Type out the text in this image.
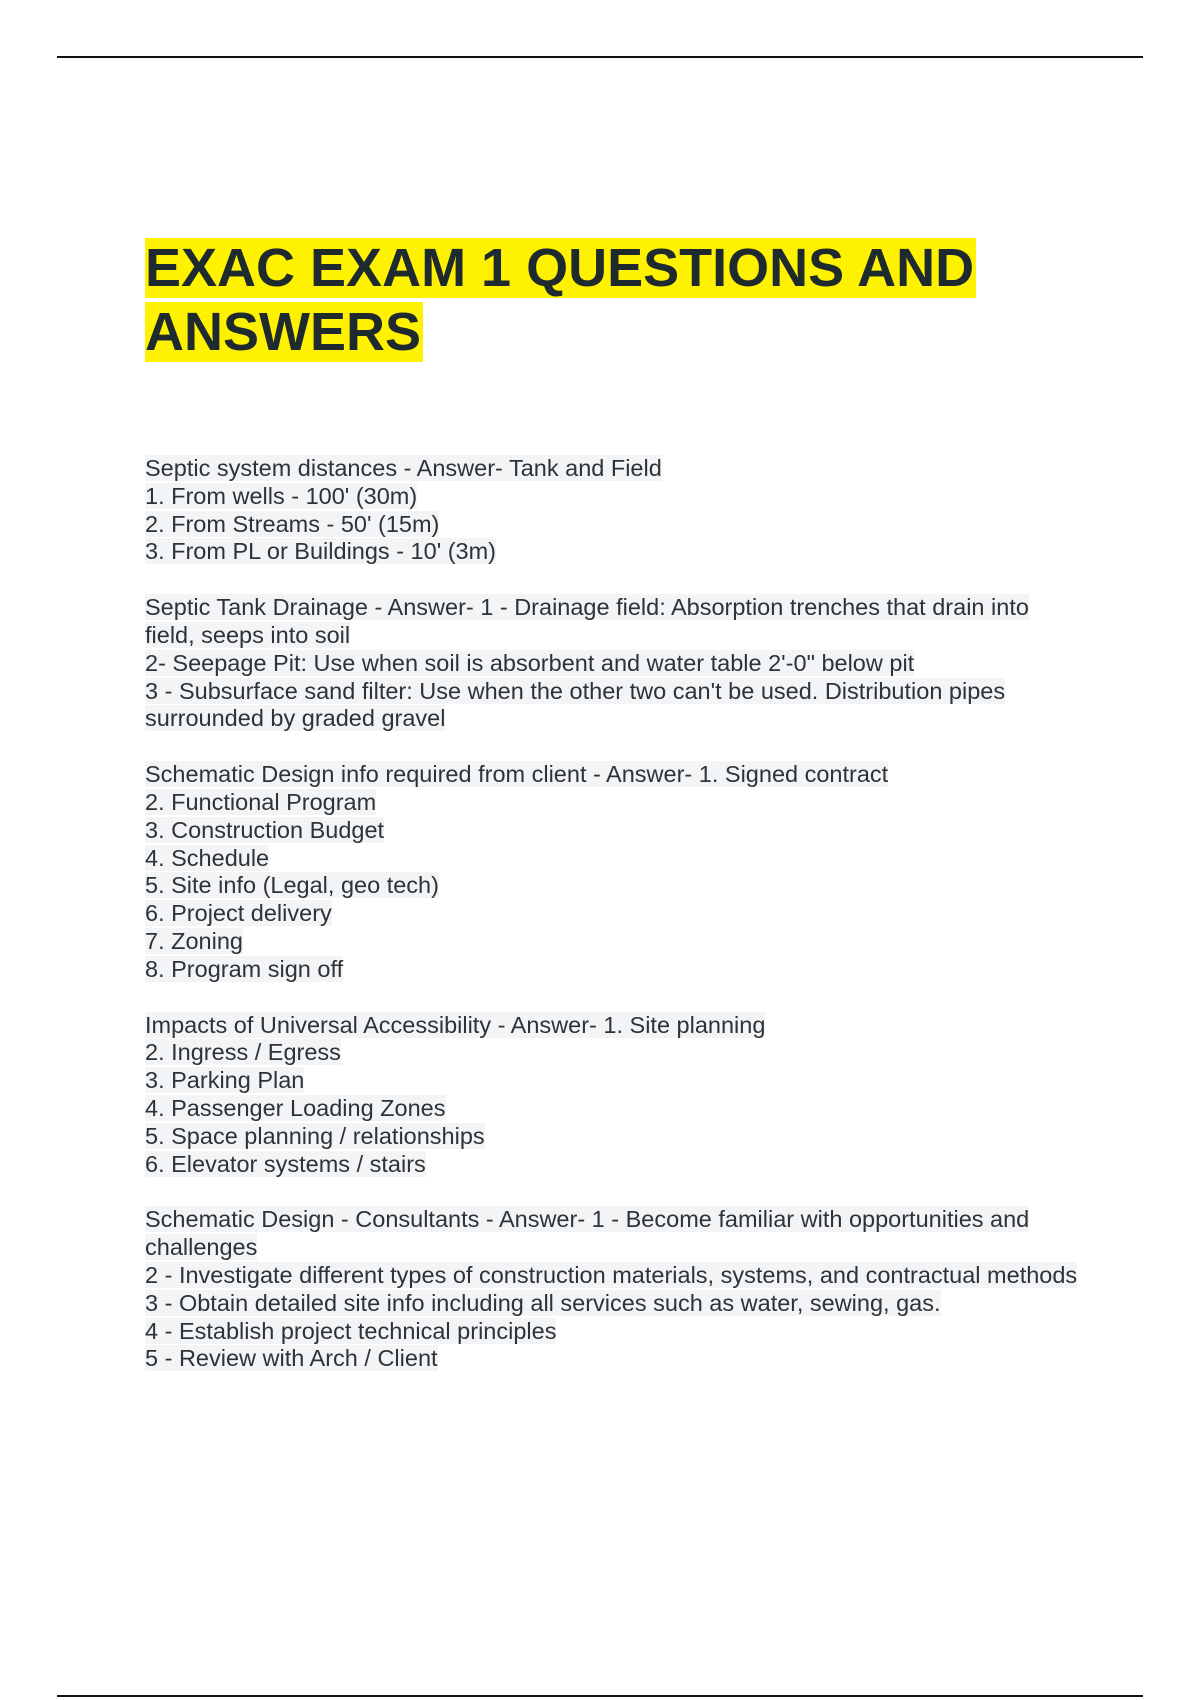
EXAC EXAM 1 QUESTIONS AND ANSWERS
Septic system distances - Answer- Tank and Field
1. From wells - 100' (30m)
2. From Streams - 50' (15m)
3. From PL or Buildings - 10' (3m)
Septic Tank Drainage - Answer- 1 - Drainage field: Absorption trenches that drain into field, seeps into soil
2- Seepage Pit: Use when soil is absorbent and water table 2'-0" below pit
3 - Subsurface sand filter: Use when the other two can't be used. Distribution pipes surrounded by graded gravel
Schematic Design info required from client - Answer- 1. Signed contract
2. Functional Program
3. Construction Budget
4. Schedule
5. Site info (Legal, geo tech)
6. Project delivery
7. Zoning
8. Program sign off
Impacts of Universal Accessibility - Answer- 1. Site planning
2. Ingress / Egress
3. Parking Plan
4. Passenger Loading Zones
5. Space planning / relationships
6. Elevator systems / stairs
Schematic Design - Consultants - Answer- 1 - Become familiar with opportunities and challenges
2 - Investigate different types of construction materials, systems, and contractual methods
3 - Obtain detailed site info including all services such as water, sewing, gas.
4 - Establish project technical principles
5 - Review with Arch / Client
